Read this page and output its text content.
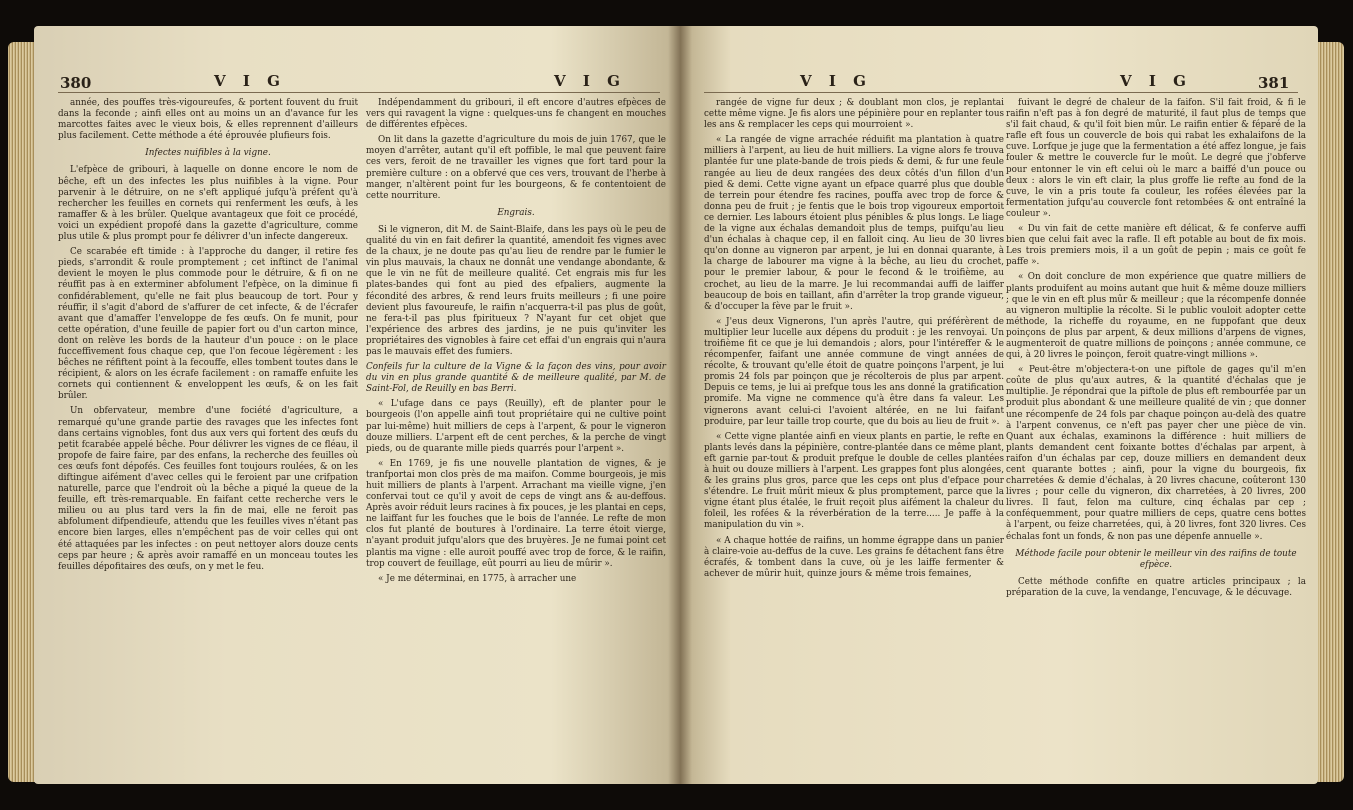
380	V I G	V I G

année, des pouffes très-vigoureufes, & portent fouvent du fruit dans la feconde ; ainfi elles ont au moins un an d'avance fur les marcottes faites avec le vieux bois, & elles reprennent d'ailleurs plus facilement. Cette méthode a été éprouvée plufieurs fois.

Infectes nuifibles à la vigne.

L'efpèce de gribouri, à laquelle on donne encore le nom de bêche, eft un des infectes les plus nuifibles à la vigne. Pour parvenir à le détruire, on ne s'eft appliqué jufqu'à préfent qu'à rechercher les feuilles en cornets qui renferment les œufs, à les ramaffer & à les brûler. Quelque avantageux que foit ce procédé, voici un expédient propofé dans la gazette d'agriculture, comme plus utile & plus prompt pour fe délivrer d'un infecte dangereux.

Ce scarabée eft timide : à l'approche du danger, il retire fes pieds, s'arrondit & roule promptement ; cet inftinct de l'animal devient le moyen le plus commode pour le détruire, & fi on ne réuffit pas à en exterminer abfolument l'efpèce, on la diminue fi confidérablement, qu'elle ne fait plus beaucoup de tort. Pour y réuffir, il s'agit d'abord de s'affurer de cet infecte, & de l'écrafer avant que d'amaffer l'enveloppe de fes œufs. On fe munit, pour cette opération, d'une feuille de papier fort ou d'un carton mince, dont on relève les bords de la hauteur d'un pouce : on le place fucceffivement fous chaque cep, que l'on fecoue légèrement : les bêches ne réfiftent point à la fecouffe, elles tombent toutes dans le récipient, & alors on les écrafe facilement : on ramaffe enfuite les cornets qui contiennent & enveloppent les œufs, & on les fait brûler.

Un obfervateur, membre d'une fociété d'agriculture, a remarqué qu'une grande partie des ravages que les infectes font dans certains vignobles, font dus aux vers qui fortent des œufs du petit fcarabée appelé bêche. Pour délivrer les vignes de ce fléau, il propofe de faire faire, par des enfans, la recherche des feuilles où ces œufs font dépofés. Ces feuilles font toujours roulées, & on les diftingue aifément d'avec celles qui le feroient par une crifpation naturelle, parce que l'endroit où la bêche a piqué la queue de la feuille, eft très-remarquable. En faifant cette recherche vers le milieu ou au plus tard vers la fin de mai, elle ne feroit pas abfolument difpendieufe, attendu que les feuilles vives n'étant pas encore bien larges, elles n'empêchent pas de voir celles qui ont été attaquées par les infectes : on peut nettoyer alors douze cents ceps par heure ; & après avoir ramaffé en un monceau toutes les feuilles dépofitaires des œufs, on y met le feu.

Indépendamment du gribouri, il eft encore d'autres efpèces de vers qui ravagent la vigne : quelques-uns fe changent en mouches de différentes efpèces.

On lit dans la gazette d'agriculture du mois de juin 1767, que le moyen d'arrêter, autant qu'il eft poffible, le mal que peuvent faire ces vers, feroit de ne travailler les vignes que fort tard pour la première culture : on a obfervé que ces vers, trouvant de l'herbe à manger, n'altèrent point fur les bourgeons, & fe contentoient de cette nourriture.

Engrais.

Si le vigneron, dit M. de Saint-Blaife, dans les pays où le peu de qualité du vin en fait defirer la quantité, amendoit fes vignes avec de la chaux, je ne doute pas qu'au lieu de rendre par le fumier le vin plus mauvais, la chaux ne donnât une vendange abondante, & que le vin ne fût de meilleure qualité. Cet engrais mis fur les plates-bandes qui font au pied des efpaliers, augmente la fécondité des arbres, & rend leurs fruits meilleurs ; fi une poire devient plus favoureufe, le raifin n'acquerra-t-il pas plus de goût, ne fera-t-il pas plus fpiritueux ? N'ayant fur cet objet que l'expérience des arbres des jardins, je ne puis qu'inviter les propriétaires des vignobles à faire cet effai d'un engrais qui n'aura pas le mauvais effet des fumiers.

Confeils fur la culture de la Vigne & la façon des vins, pour avoir du vin en plus grande quantité & de meilleure qualité, par M. de Saint-Fol, de Reuilly en bas Berri.

« L'ufage dans ce pays (Reuilly), eft de planter pour le bourgeois (l'on appelle ainfi tout propriétaire qui ne cultive point par lui-même) huit milliers de ceps à l'arpent, & pour le vigneron douze milliers. L'arpent eft de cent perches, & la perche de vingt pieds, ou de quarante mille pieds quarrés pour l'arpent ».

« En 1769, je fis une nouvelle plantation de vignes, & je tranfportai mon clos près de ma maifon. Comme bourgeois, je mis huit milliers de plants à l'arpent. Arrachant ma vieille vigne, j'en confervai tout ce qu'il y avoit de ceps de vingt ans & au-deffous. Après avoir réduit leurs racines à fix pouces, je les plantai en ceps, ne laiffant fur les fouches que le bois de l'année. Le refte de mon clos fut planté de boutures à l'ordinaire. La terre étoit vierge, n'ayant produit jufqu'alors que des bruyères. Je ne fumai point cet plantis ma vigne : elle auroit pouffé avec trop de force, & le raifin, trop couvert de feuillage, eût pourri au lieu de mûrir ».

« Je me déterminai, en 1775, à arracher une

V I G	V I G	381

rangée de vigne fur deux ; & doublant mon clos, je replantai cette même vigne. Je fis alors une pépinière pour en replanter tous les ans & remplacer les ceps qui mourroient ».

« La rangée de vigne arrachée réduifit ma plantation à quatre milliers à l'arpent, au lieu de huit milliers. La vigne alors fe trouva plantée fur une plate-bande de trois pieds & demi, & fur une feule rangée au lieu de deux rangées des deux côtés d'un fillon d'un pied & demi. Cette vigne ayant un efpace quarré plus que double de terrein pour étendre fes racines, pouffa avec trop de force & donna peu de fruit ; je fentis que le bois trop vigoureux emportoit ce dernier. Les labours étoient plus pénibles & plus longs. Le liage de la vigne aux échalas demandoit plus de temps, puifqu'au lieu d'un échalas à chaque cep, il en falloit cinq. Au lieu de 30 livres qu'on donne au vigneron par arpent, je lui en donnai quarante, à la charge de labourer ma vigne à la bêche, au lieu du crochet, pour le premier labour, & pour le fecond & le troifième, au crochet, au lieu de la marre. Je lui recommandai auffi de laiffer beaucoup de bois en taillant, afin d'arrêter la trop grande vigueur, & d'occuper la fève par le fruit ».

« J'eus deux Vignerons, l'un après l'autre, qui préférèrent de multiplier leur lucelle aux dépens du produit : je les renvoyai. Un troifième fit ce que je lui demandois ; alors, pour l'intéreffer & le récompenfer, faifant une année commune de vingt années de récolte, & trouvant qu'elle étoit de quatre poinçons l'arpent, je lui promis 24 fols par poinçon que je récolterois de plus par arpent. Depuis ce tems, je lui ai prefque tous les ans donné la gratification promife. Ma vigne ne commence qu'à être dans fa valeur. Les vignerons avant celui-ci l'avoient altérée, en ne lui faifant produire, par leur taille trop courte, que du bois au lieu de fruit ».

« Cette vigne plantée ainfi en vieux plants en partie, le refte en plants levés dans la pépinière, contre-plantée dans ce même plant, eft garnie par-tout & produit prefque le double de celles plantées à huit ou douze milliers à l'arpent. Les grappes font plus alongées, & les grains plus gros, parce que les ceps ont plus d'efpace pour s'étendre. Le fruit mûrit mieux & plus promptement, parce que la vigne étant plus étalée, le fruit reçoit plus aifément la chaleur du foleil, les rofées & la réverbération de la terre..... Je paffe à la manipulation du vin ».

« A chaque hottée de raifins, un homme égrappe dans un panier à claire-voie au-deffus de la cuve. Les grains fe détachent fans être écrafés, & tombent dans la cuve, où je les laiffe fermenter & achever de mûrir huit, quinze jours & même trois femaines,

fuivant le degré de chaleur de la faifon. S'il fait froid, & fi le raifin n'eft pas à fon degré de maturité, il faut plus de temps que s'il fait chaud, & qu'il foit bien mûr. Le raifin entier & féparé de la rafle eft fous un couvercle de bois qui rabat les exhalaifons de la cuve. Lorfque je juge que la fermentation a été affez longue, je fais fouler & mettre le couvercle fur le moût. Le degré que j'obferve pour entonner le vin eft celui où le marc a baiffé d'un pouce ou deux : alors le vin eft clair, la plus groffe lie refte au fond de la cuve, le vin a pris toute fa couleur, les rofées élevées par la fermentation jufqu'au couvercle font retombées & ont entraîné la couleur ».

« Du vin fait de cette manière eft délicat, & fe conferve auffi bien que celui fait avec la rafle. Il eft potable au bout de fix mois. Les trois premiers mois, il a un goût de pepin ; mais ce goût fe paffe ».

« On doit conclure de mon expérience que quatre milliers de plants produifent au moins autant que huit & même douze milliers ; que le vin en eft plus mûr & meilleur ; que la récompenfe donnée au vigneron multiplie la récolte. Si le public vouloit adopter cette méthode, la richeffe du royaume, en ne fuppofant que deux poinçons de plus par arpent, & deux millions d'arpens de vignes, augmenteroit de quatre millions de poinçons ; année commune, ce qui, à 20 livres le poinçon, feroit quatre-vingt millions ».

« Peut-être m'objectera-t-on une piftole de gages qu'il m'en coûte de plus qu'aux autres, & la quantité d'échalas que je multiplie. Je répondrai que la piftole de plus eft rembourfée par un produit plus abondant & une meilleure qualité de vin ; que donner une récompenfe de 24 fols par chaque poinçon au-delà des quatre à l'arpent convenus, ce n'eft pas payer cher une pièce de vin. Quant aux échalas, examinons la différence : huit milliers de plants demandent cent foixante bottes d'échalas par arpent, à raifon d'un échalas par cep, douze milliers en demandent deux cent quarante bottes ; ainfi, pour la vigne du bourgeois, fix charretées & demie d'échalas, à 20 livres chacune, coûteront 130 livres ; pour celle du vigneron, dix charretées, à 20 livres, 200 livres. Il faut, felon ma culture, cinq échalas par cep ; conféquemment, pour quatre milliers de ceps, quatre cens bottes à l'arpent, ou feize charretées, qui, à 20 livres, font 320 livres. Ces échalas font un fonds, & non pas une dépenfe annuelle ».

Méthode facile pour obtenir le meilleur vin des raifins de toute efpèce.

Cette méthode confifte en quatre articles principaux ; la préparation de la cuve, la vendange, l'encuvage, & le décuvage.
